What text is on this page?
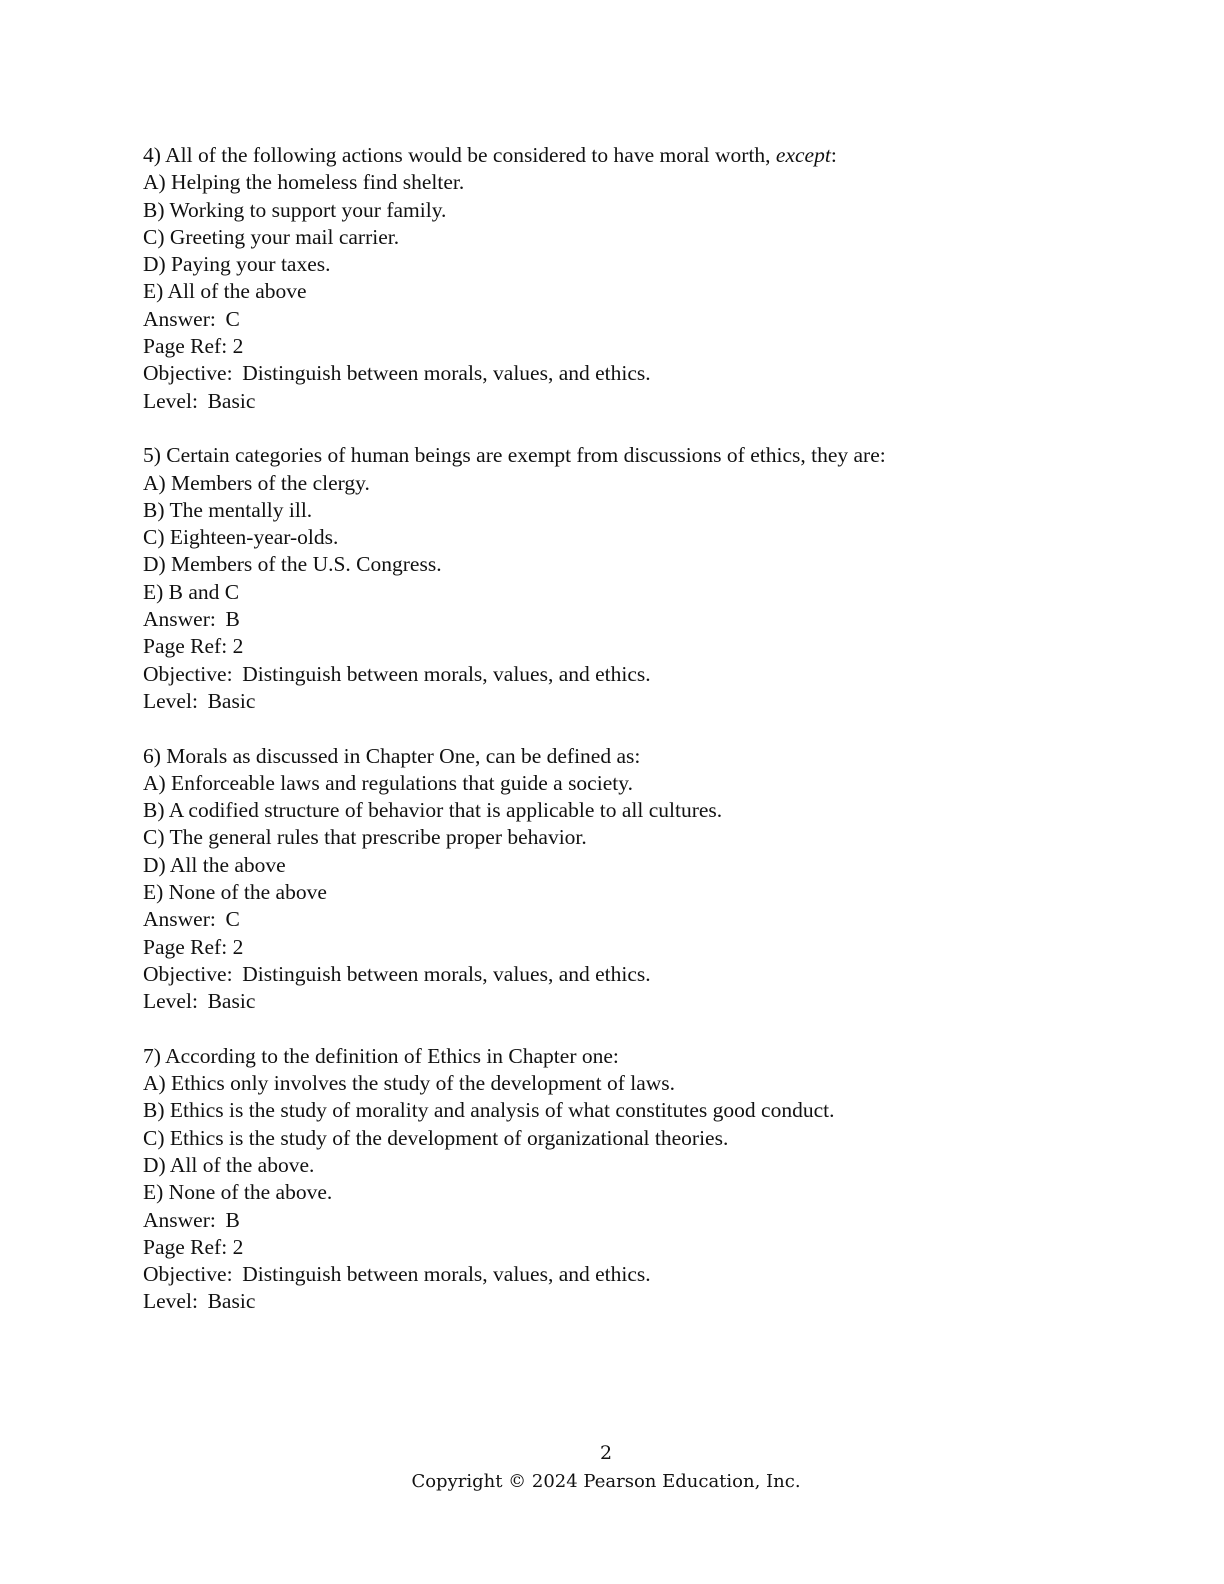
4) All of the following actions would be considered to have moral worth, except:
A) Helping the homeless find shelter.
B) Working to support your family.
C) Greeting your mail carrier.
D) Paying your taxes.
E) All of the above
Answer: C
Page Ref: 2
Objective: Distinguish between morals, values, and ethics.
Level: Basic
5) Certain categories of human beings are exempt from discussions of ethics, they are:
A) Members of the clergy.
B) The mentally ill.
C) Eighteen-year-olds.
D) Members of the U.S. Congress.
E) B and C
Answer: B
Page Ref: 2
Objective: Distinguish between morals, values, and ethics.
Level: Basic
6) Morals as discussed in Chapter One, can be defined as:
A) Enforceable laws and regulations that guide a society.
B) A codified structure of behavior that is applicable to all cultures.
C) The general rules that prescribe proper behavior.
D) All the above
E) None of the above
Answer: C
Page Ref: 2
Objective: Distinguish between morals, values, and ethics.
Level: Basic
7) According to the definition of Ethics in Chapter one:
A) Ethics only involves the study of the development of laws.
B) Ethics is the study of morality and analysis of what constitutes good conduct.
C) Ethics is the study of the development of organizational theories.
D) All of the above.
E) None of the above.
Answer: B
Page Ref: 2
Objective: Distinguish between morals, values, and ethics.
Level: Basic
2
Copyright © 2024 Pearson Education, Inc.
